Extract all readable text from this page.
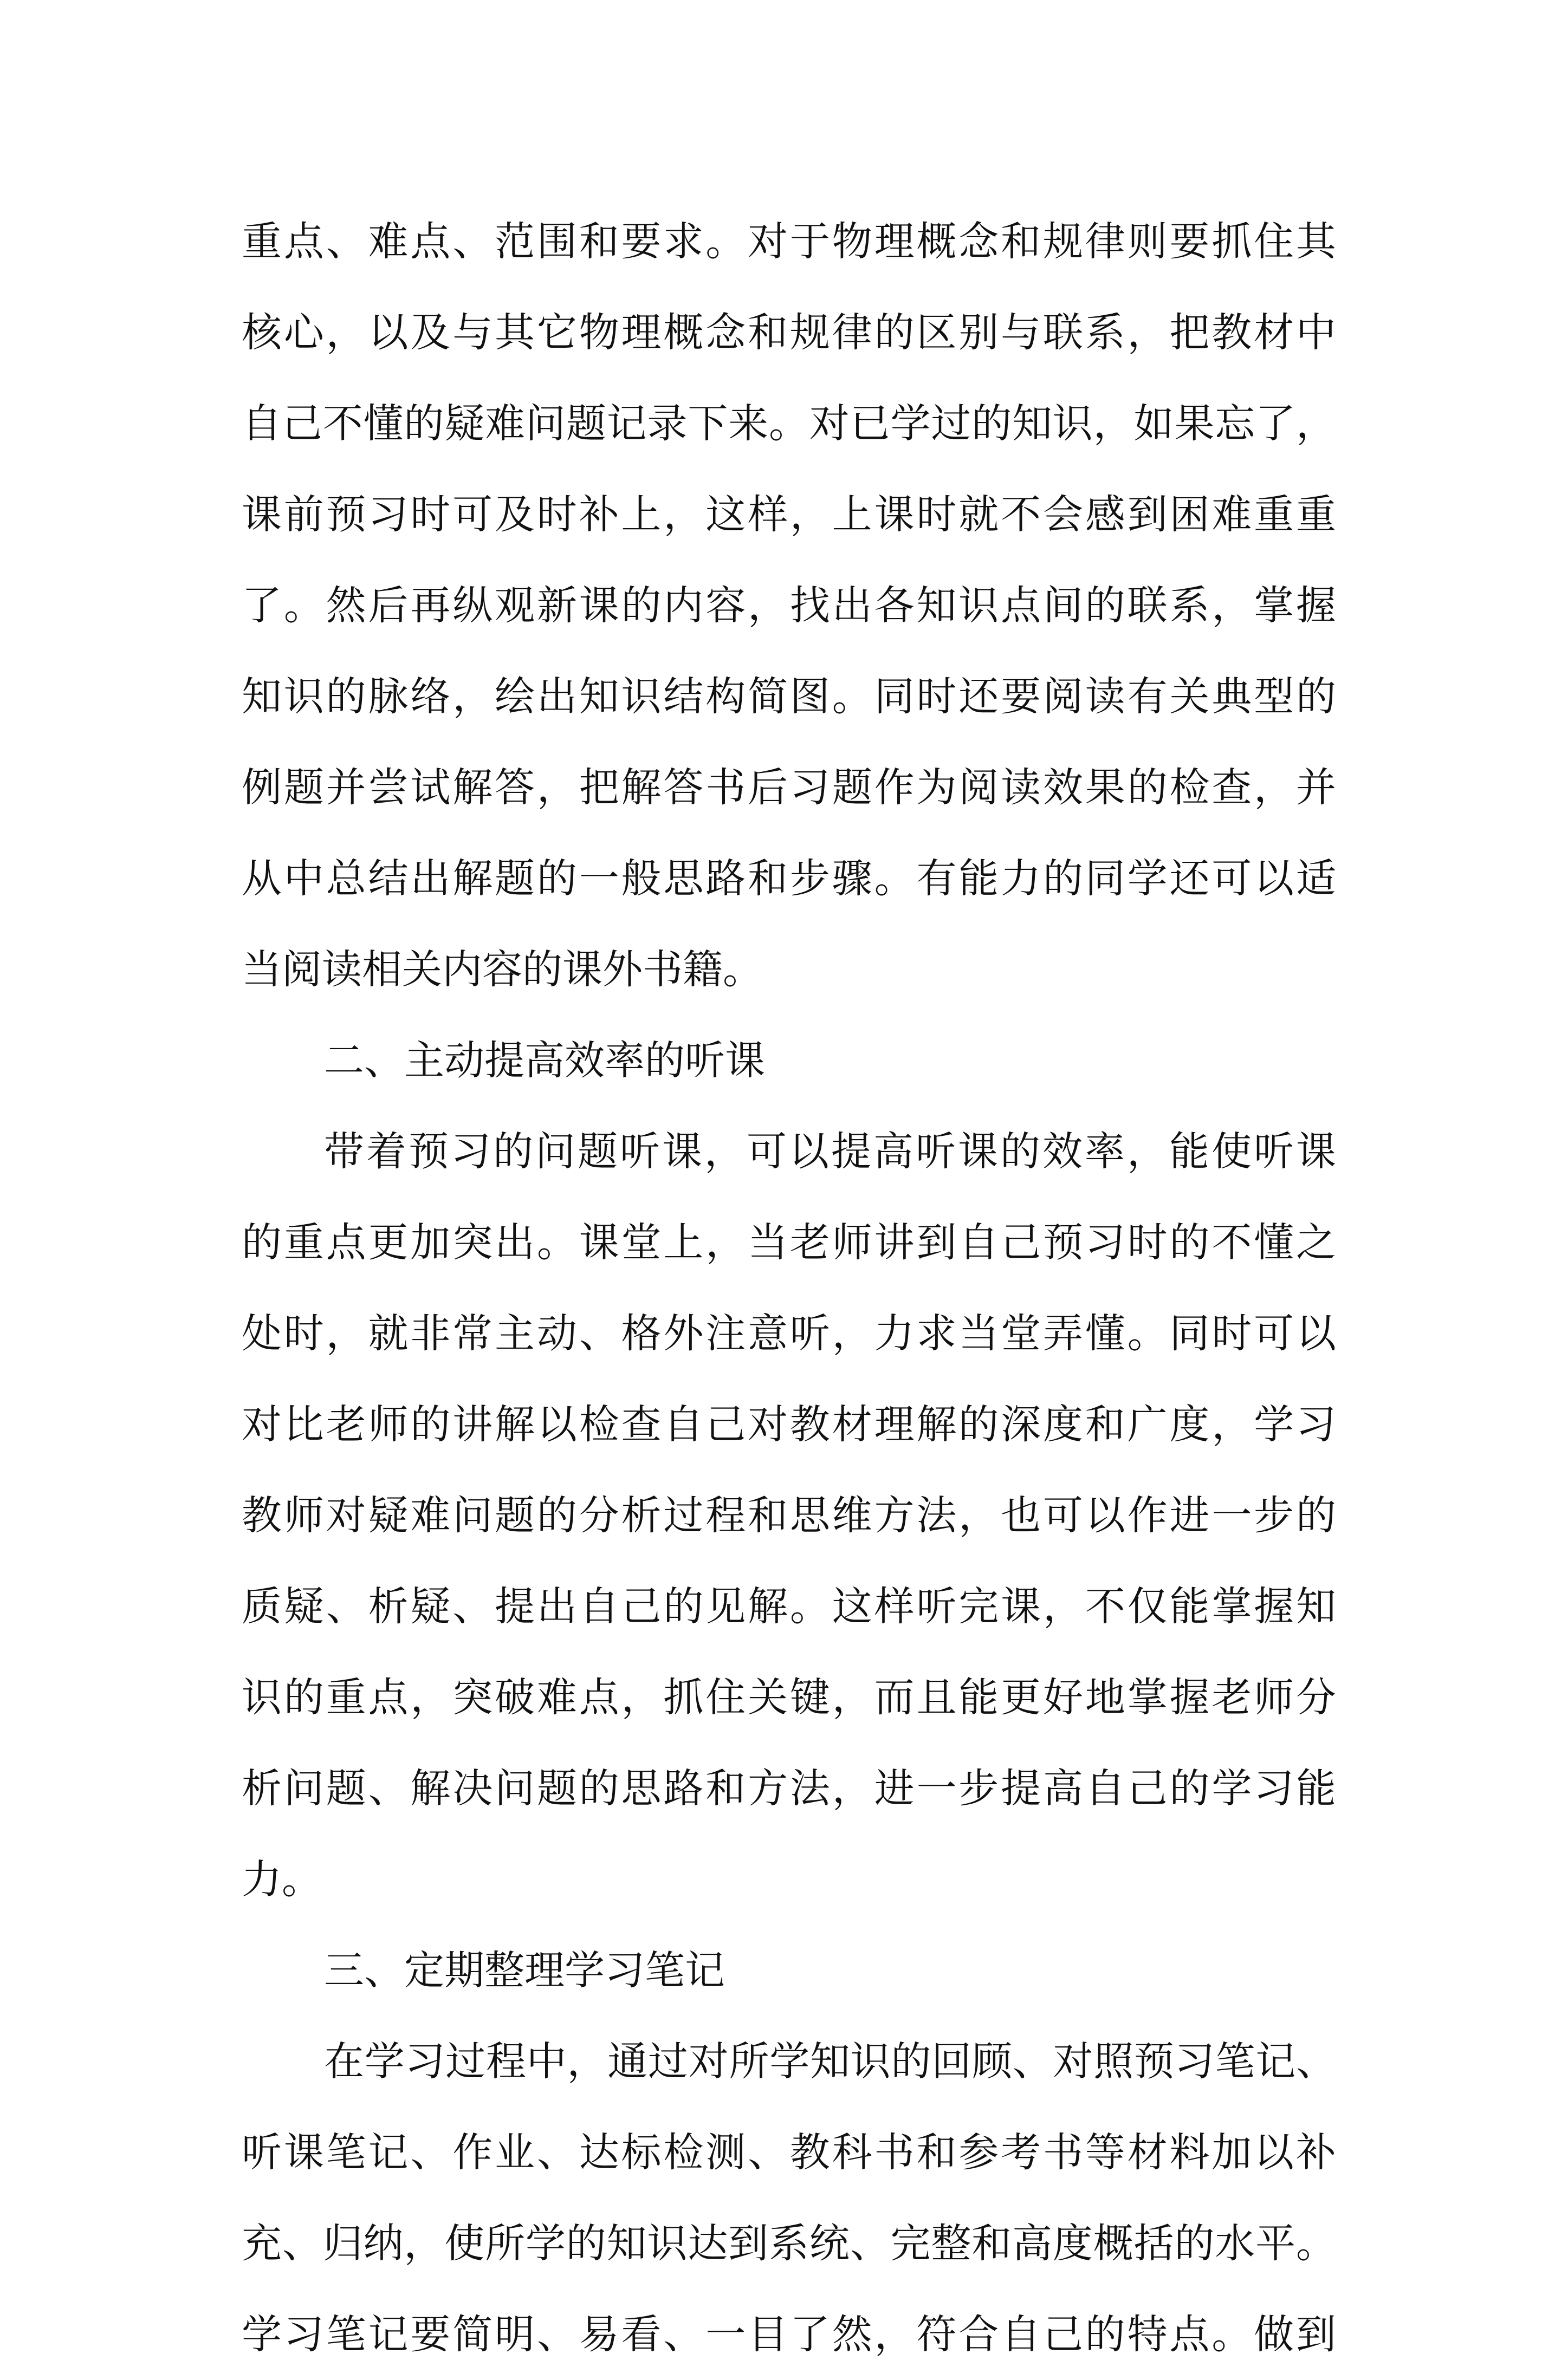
重点、难点、范围和要求。对于物理概念和规律则要抓住其
核心，以及与其它物理概念和规律的区别与联系，把教材中
自己不懂的疑难问题记录下来。对已学过的知识，如果忘了，
课前预习时可及时补上，这样，上课时就不会感到困难重重
了。然后再纵观新课的内容，找出各知识点间的联系，掌握
知识的脉络，绘出知识结构简图。同时还要阅读有关典型的
例题并尝试解答，把解答书后习题作为阅读效果的检查，并
从中总结出解题的一般思路和步骤。有能力的同学还可以适
当阅读相关内容的课外书籍。
二、主动提高效率的听课
带着预习的问题听课，可以提高听课的效率，能使听课
的重点更加突出。课堂上，当老师讲到自己预习时的不懂之
处时，就非常主动、格外注意听，力求当堂弄懂。同时可以
对比老师的讲解以检查自己对教材理解的深度和广度，学习
教师对疑难问题的分析过程和思维方法，也可以作进一步的
质疑、析疑、提出自己的见解。这样听完课，不仅能掌握知
识的重点，突破难点，抓住关键，而且能更好地掌握老师分
析问题、解决问题的思路和方法，进一步提高自己的学习能
力。
三、定期整理学习笔记
在学习过程中，通过对所学知识的回顾、对照预习笔记、
听课笔记、作业、达标检测、教科书和参考书等材料加以补
充、归纳，使所学的知识达到系统、完整和高度概括的水平。
学习笔记要简明、易看、一目了然，符合自己的特点。做到
